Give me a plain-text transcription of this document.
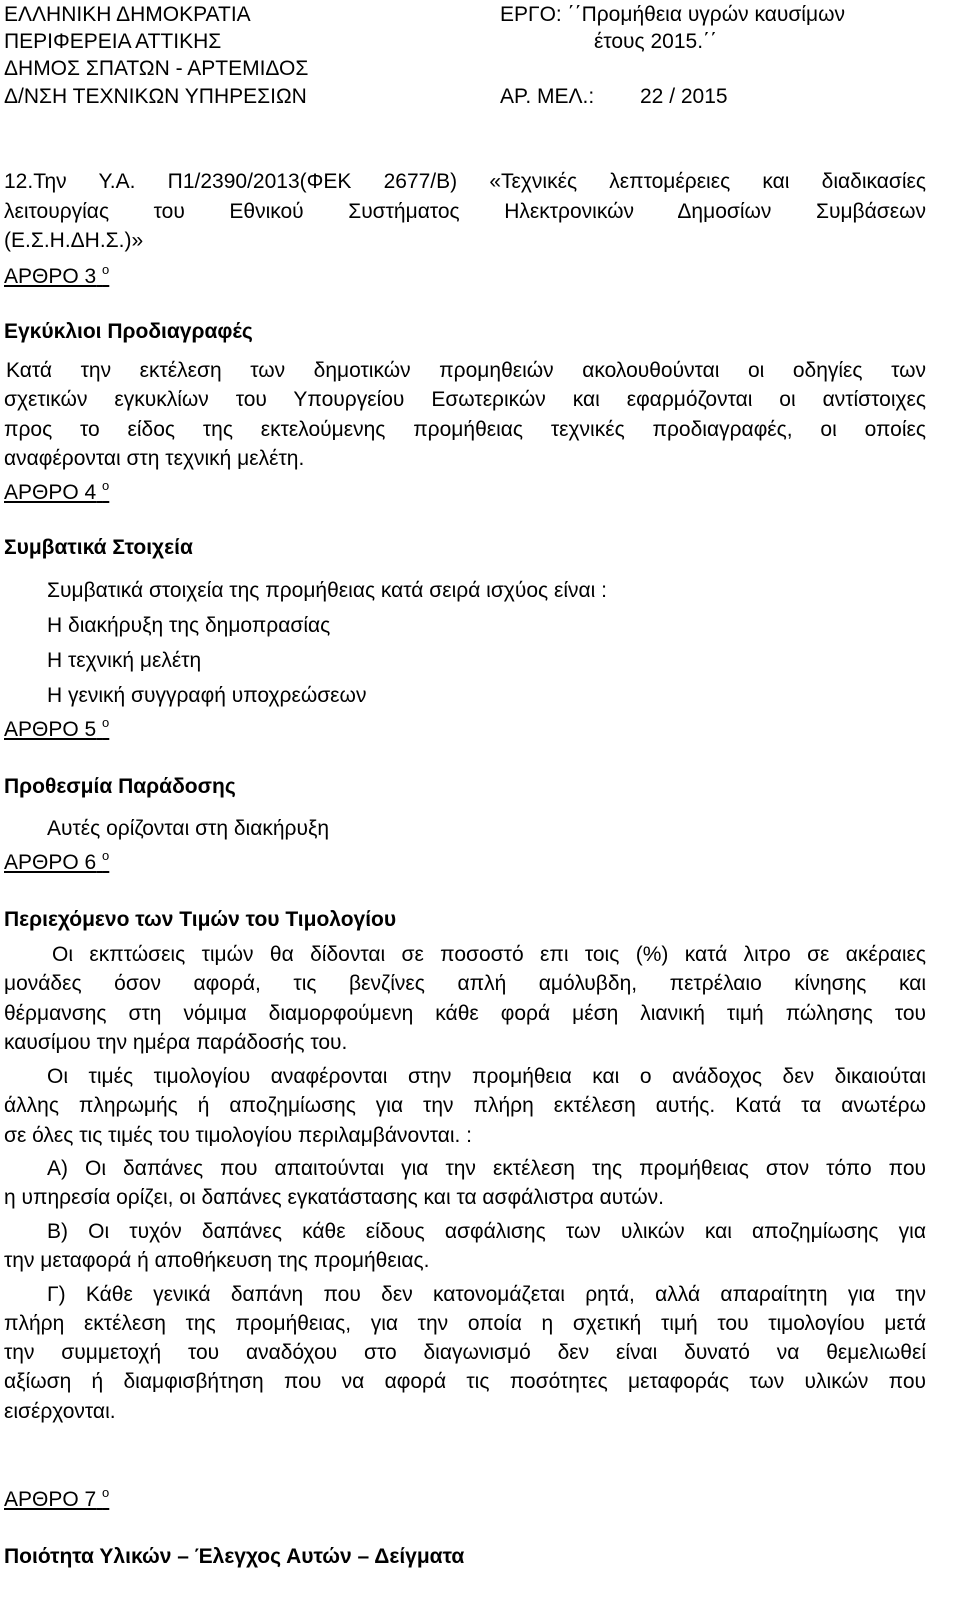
ΕΛΛΗΝΙΚΗ ΔΗΜΟΚΡΑΤΙΑ
ΠΕΡΙΦΕΡΕΙΑ ΑΤΤΙΚΗΣ
ΔΗΜΟΣ ΣΠΑΤΩΝ - ΑΡΤΕΜΙΔΟΣ
Δ/ΝΣΗ ΤΕΧΝΙΚΩΝ ΥΠΗΡΕΣΙΩΝ
ΕΡΓΟ: ΄΄Προμήθεια υγρών καυσίμων
έτους 2015.΄΄
ΑΡ. ΜΕΛ.: 22 / 2015
12.Την Υ.Α. Π1/2390/2013(ΦΕΚ 2677/Β) «Τεχνικές λεπτομέρειες και διαδικασίες
λειτουργίας του Εθνικού Συστήματος Ηλεκτρονικών Δημοσίων Συμβάσεων
(Ε.Σ.Η.ΔΗ.Σ.)»
ΑΡΘΡΟ 3 $^o$
Εγκύκλιοι Προδιαγραφές
Κατά την εκτέλεση των δημοτικών προμηθειών ακολουθούνται οι οδηγίες των
σχετικών εγκυκλίων του Υπουργείου Εσωτερικών και εφαρμόζονται οι αντίστοιχες
προς το είδος της εκτελούμενης προμήθειας τεχνικές προδιαγραφές, οι οποίες
αναφέρονται στη τεχνική μελέτη.
ΑΡΘΡΟ 4 $^o$
Συμβατικά Στοιχεία
Συμβατικά στοιχεία της προμήθειας κατά σειρά ισχύος είναι :
Η διακήρυξη της δημοπρασίας
Η τεχνική μελέτη
Η γενική συγγραφή υποχρεώσεων
ΑΡΘΡΟ 5 $^o$
Προθεσμία Παράδοσης
Αυτές ορίζονται στη διακήρυξη
ΑΡΘΡΟ 6 $^o$
Περιεχόμενο των Τιμών του Τιμολογίου
Οι εκπτώσεις τιμών θα δίδονται σε ποσοστό επι τοις (%) κατά λιτρο σε ακέραιες
μονάδες όσον αφορά, τις βενζίνες απλή αμόλυβδη, πετρέλαιο κίνησης και
θέρμανσης στη νόμιμα διαμορφούμενη κάθε φορά μέση λιανική τιμή πώλησης του
καυσίμου την ημέρα παράδοσής του.
Οι τιμές τιμολογίου αναφέρονται στην προμήθεια και ο ανάδοχος δεν δικαιούται
άλλης πληρωμής ή αποζημίωσης για την πλήρη εκτέλεση αυτής. Κατά τα ανωτέρω
σε όλες τις τιμές του τιμολογίου περιλαμβάνονται. :
Α) Οι δαπάνες που απαιτούνται για την εκτέλεση της προμήθειας στον τόπο που
η υπηρεσία ορίζει, οι δαπάνες εγκατάστασης και τα ασφάλιστρα αυτών.
Β) Οι τυχόν δαπάνες κάθε είδους ασφάλισης των υλικών και αποζημίωσης για
την μεταφορά ή αποθήκευση της προμήθειας.
Γ) Κάθε γενικά δαπάνη που δεν κατονομάζεται ρητά, αλλά απαραίτητη για την
πλήρη εκτέλεση της προμήθειας, για την οποία η σχετική τιμή του τιμολογίου μετά
την συμμετοχή του αναδόχου στο διαγωνισμό δεν είναι δυνατό να θεμελιωθεί
αξίωση ή διαμφισβήτηση που να αφορά τις ποσότητες μεταφοράς των υλικών που
εισέρχονται.
ΑΡΘΡΟ 7 $^o$
Ποιότητα Υλικών – Έλεγχος Αυτών – Δείγματα
